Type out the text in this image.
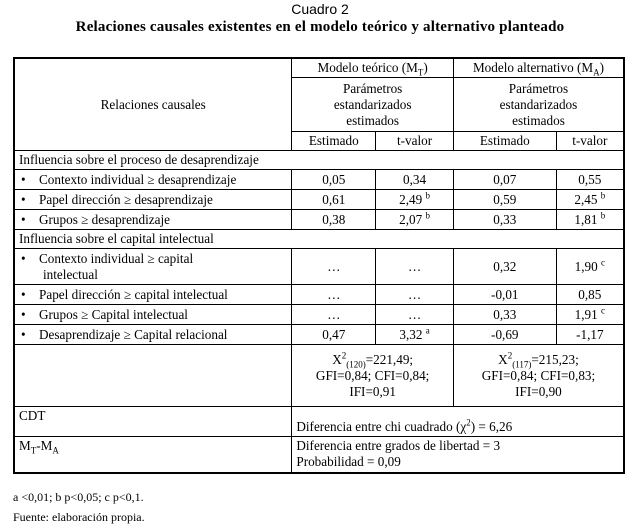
Cuadro 2
Relaciones causales existentes en el modelo teórico y alternativo planteado
Relaciones causales	Modelo teórico $(M_T)$		Modelo alternativo $(M_A)$	
	Parámetros
estandarizados
estimados		Parámetros
estandarizados
estimados	
	Estimado	t-valor	Estimado	t-valor
Influencia sobre el proceso de desaprendizaje				
• Contexto individual ≥ desaprendizaje	0,05	0,34	0,07	0,55
• Papel dirección ≥ desaprendizaje	0,61	2,49 $^b$	0,59	2,45 $^b$
• Grupos ≥ desaprendizaje	0,38	2,07 $^b$	0,33	1,81 $^b$
Influencia sobre el capital intelectual				
• Contexto individual ≥ capital
intelectual	…	…	0,32	1,90 $^c$
• Papel dirección ≥ capital intelectual	…	…	-0,01	0,85
• Grupos ≥ Capital intelectual	…	…	0,33	1,91 $^c$
• Desaprendizaje ≥ Capital relacional	0,47	3,32 $^a$	-0,69	-1,17
	$X^2_{(120)}=221,49$;
GFI=0,84; CFI=0,84;
IFI=0,91		$X^2_{(117)}=215,23$;
GFI=0,84; CFI=0,83;
IFI=0,90	
CDT	Diferencia entre chi cuadrado $(\chi^2) = 6,26$			
$M_T-M_A$	Diferencia entre grados de libertad = 3
Probabilidad = 0,09			
a <0,01; b p<0,05; c p<0,1.
Fuente: elaboración propia.
